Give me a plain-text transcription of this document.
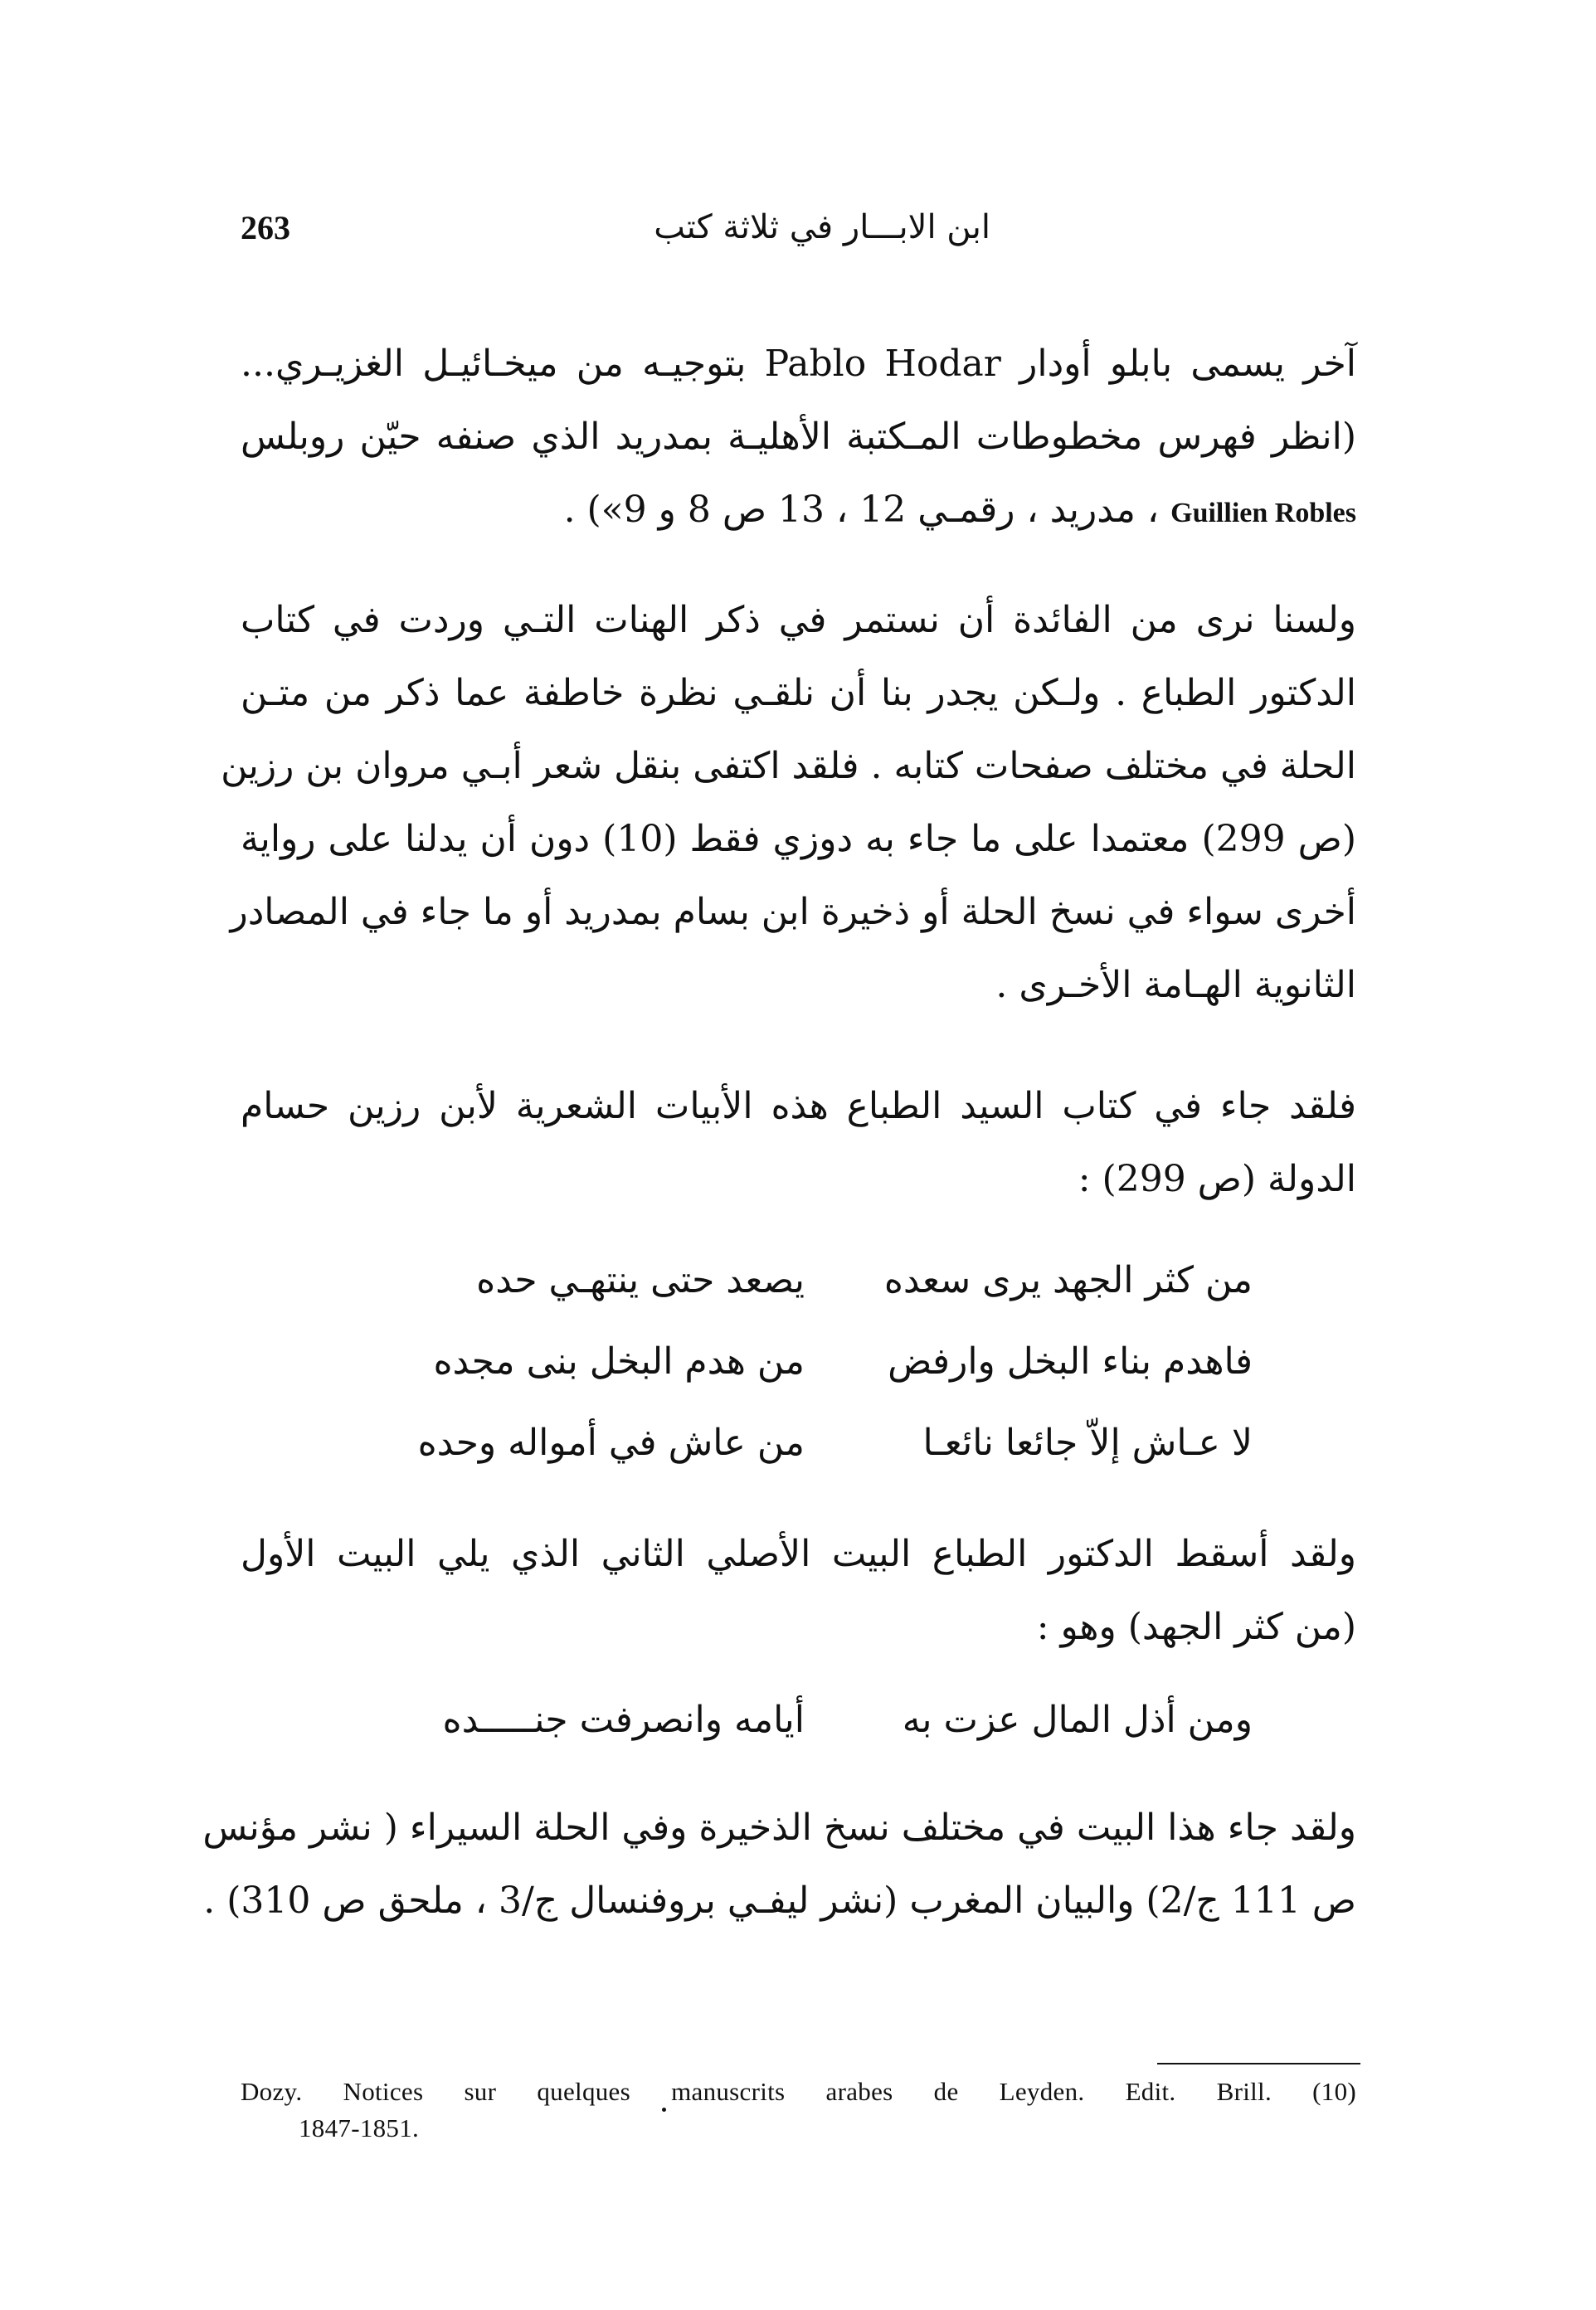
263	ابن الابـــار في ثلاثة كتب
آخر يسمى بابلو أودار Pablo Hodar بتوجيـه من ميخـائيـل الغزيـري...
(انظر فهرس مخطوطات المـكتبة الأهليـة بمدريد الذي صنفه حيّن روبلس
Guillien Robles ، مدريد ، رقمـي 12 ، 13 ص 8 و 9») .
ولسنا نرى من الفائدة أن نستمر في ذكر الهنات التـي وردت في كتاب
الدكتور الطباع . ولـكن يجدر بنا أن نلقـي نظرة خاطفة عما ذكر من متـن
الحلة في مختلف صفحات كتابه . فلقد اكتفى بنقل شعر أبـي مروان بن رزين
(ص 299) معتمدا على ما جاء به دوزي فقط (10) دون أن يدلنا على رواية
أخرى سواء في نسخ الحلة أو ذخيرة ابن بسام بمدريد أو ما جاء في المصادر
الثانوية الهـامة الأخـرى .
فلقد جاء في كتاب السيد الطباع هذه الأبيات الشعرية لأبن رزين حسام
الدولة (ص 299) :
من كثر الجهد يرى سعده
يصعد حتى ينتهـي حده
فاهدم بناء البخل وارفض
من هدم البخل بنى مجده
لا عـاش إلاّ جائعا نائعـا
من عاش في أمواله وحده
ولقد أسقط الدكتور الطباع البيت الأصلي الثاني الذي يلي البيت الأول
(من كثر الجهد) وهو :
ومن أذل المال عزت به
أيامه وانصرفت جنـــــده
ولقد جاء هذا البيت في مختلف نسخ الذخيرة وفي الحلة السيراء ( نشر مؤنس
ص 111 ج/2) والبيان المغرب (نشر ليفـي بروفنسال ج/3 ، ملحق ص 310) .
Dozy. Notices sur quelques manuscrits arabes de Leyden. Edit. Brill. (10)
1847-1851.
